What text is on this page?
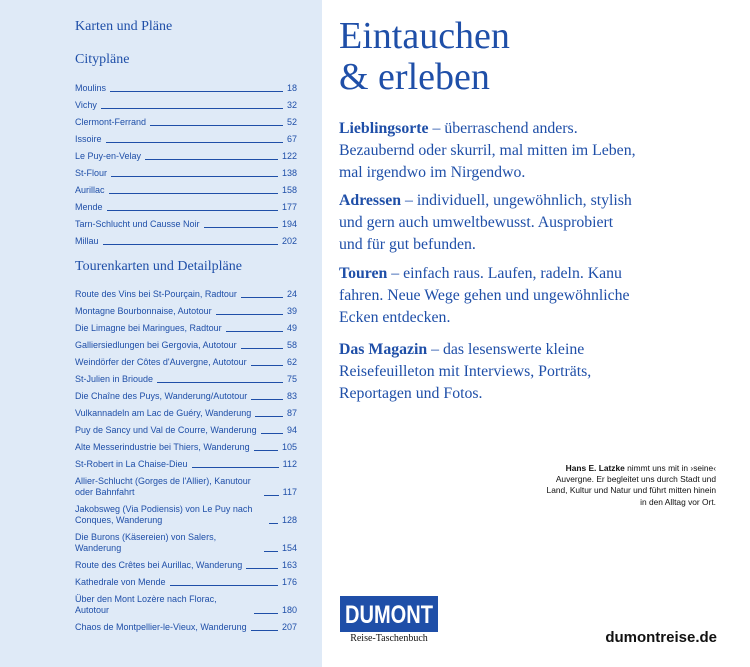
Karten und Pläne
Citypläne
Moulins	18
Vichy	32
Clermont-Ferrand	52
Issoire	67
Le Puy-en-Velay	122
St-Flour	138
Aurillac	158
Mende	177
Tarn-Schlucht und Causse Noir	194
Millau	202
Tourenkarten und Detailpläne
Route des Vins bei St-Pourçain, Radtour	24
Montagne Bourbonnaise, Autotour	39
Die Limagne bei Maringues, Radtour	49
Galliersiedlungen bei Gergovia, Autotour	58
Weindörfer der Côtes d'Auvergne, Autotour	62
St-Julien in Brioude	75
Die Chaîne des Puys, Wanderung/Autotour	83
Vulkannadeln am Lac de Guéry, Wanderung	87
Puy de Sancy und Val de Courre, Wanderung	94
Alte Messerindustrie bei Thiers, Wanderung	105
St-Robert in La Chaise-Dieu	112
Allier-Schlucht (Gorges de l'Allier), Kanutour oder Bahnfahrt	117
Jakobsweg (Via Podiensis) von Le Puy nach Conques, Wanderung	128
Die Burons (Käsereien) von Salers, Wanderung	154
Route des Crêtes bei Aurillac, Wanderung	163
Kathedrale von Mende	176
Über den Mont Lozère nach Florac, Autotour	180
Chaos de Montpellier-le-Vieux, Wanderung	207
Eintauchen
& erleben

Lieblingsorte – überraschend anders. Bezaubernd oder skurril, mal mitten im Leben, mal irgendwo im Nirgendwo.

Adressen – individuell, ungewöhnlich, stylish und gern auch umweltbewusst. Ausprobiert und für gut befunden.

Touren – einfach raus. Laufen, radeln. Kanu fahren. Neue Wege gehen und ungewöhnliche Ecken entdecken.

Das Magazin – das lesenswerte kleine Reisefeuilleton mit Interviews, Porträts, Reportagen und Fotos.

Hans E. Latzke nimmt uns mit in ›seine‹ Auvergne. Er begleitet uns durch Stadt und Land, Kultur und Natur und führt mitten hinein in den Alltag vor Ort.

DUMONT
Reise-Taschenbuch	dumontreise.de
